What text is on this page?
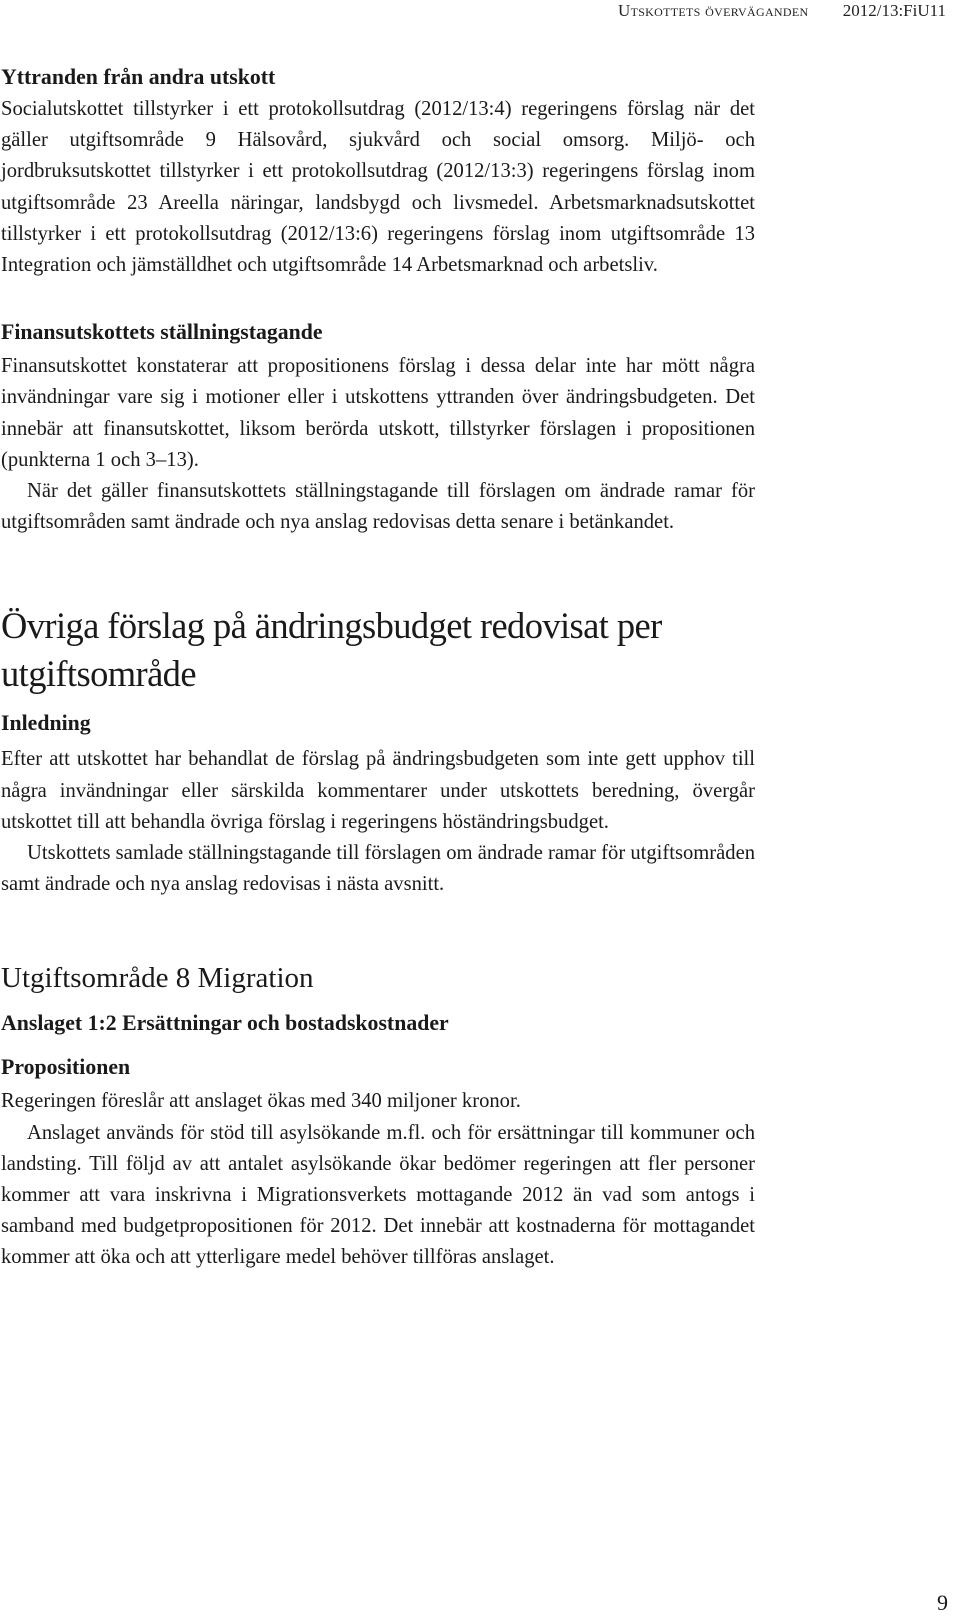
Utskottets överväganden 2012/13:FiU11
Yttranden från andra utskott

Socialutskottet tillstyrker i ett protokollsutdrag (2012/13:4) regeringens förslag när det gäller utgiftsområde 9 Hälsovård, sjukvård och social omsorg. Miljö- och jordbruksutskottet tillstyrker i ett protokollsutdrag (2012/13:3) regeringens förslag inom utgiftsområde 23 Areella näringar, landsbygd och livsmedel. Arbetsmarknadsutskottet tillstyrker i ett protokollsutdrag (2012/13:6) regeringens förslag inom utgiftsområde 13 Integration och jämställdhet och utgiftsområde 14 Arbetsmarknad och arbetsliv.

Finansutskottets ställningstagande

Finansutskottet konstaterar att propositionens förslag i dessa delar inte har mött några invändningar vare sig i motioner eller i utskottens yttranden över ändringsbudgeten. Det innebär att finansutskottet, liksom berörda utskott, tillstyrker förslagen i propositionen (punkterna 1 och 3–13).

När det gäller finansutskottets ställningstagande till förslagen om ändrade ramar för utgiftsområden samt ändrade och nya anslag redovisas detta senare i betänkandet.

Övriga förslag på ändringsbudget redovisat per utgiftsområde
Inledning

Efter att utskottet har behandlat de förslag på ändringsbudgeten som inte gett upphov till några invändningar eller särskilda kommentarer under utskottets beredning, övergår utskottet till att behandla övriga förslag i regeringens höständringsbudget.

Utskottets samlade ställningstagande till förslagen om ändrade ramar för utgiftsområden samt ändrade och nya anslag redovisas i nästa avsnitt.

Utgiftsområde 8 Migration
Anslaget 1:2 Ersättningar och bostadskostnader
Propositionen

Regeringen föreslår att anslaget ökas med 340 miljoner kronor.

Anslaget används för stöd till asylsökande m.fl. och för ersättningar till kommuner och landsting. Till följd av att antalet asylsökande ökar bedömer regeringen att fler personer kommer att vara inskrivna i Migrationsverkets mottagande 2012 än vad som antogs i samband med budgetpropositionen för 2012. Det innebär att kostnaderna för mottagandet kommer att öka och att ytterligare medel behöver tillföras anslaget.

9
